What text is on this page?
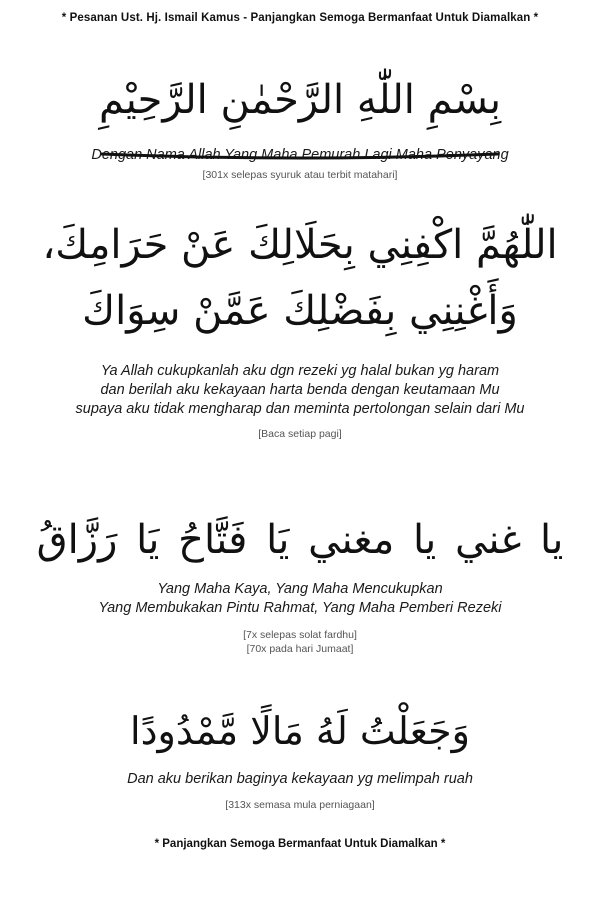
* Pesanan Ust. Hj. Ismail Kamus - Panjangkan Semoga Bermanfaat Untuk Diamalkan *
بِسْمِ اللّٰهِ الرَّحْمٰنِ الرَّحِيْمِ
Dengan Nama Allah Yang Maha Pemurah Lagi Maha Penyayang
[301x selepas syuruk atau terbit matahari]
اللّٰهُمَّ اكْفِنِي بِحَلَالِكَ عَنْ حَرَامِكَ،
وَأَغْنِنِي بِفَضْلِكَ عَمَّنْ سِوَاكَ
Ya Allah cukupkanlah aku dgn rezeki yg halal bukan yg haram
dan berilah aku kekayaan harta benda dengan keutamaan Mu
supaya aku tidak mengharap dan meminta pertolongan selain dari Mu
[Baca setiap pagi]
يا غني يا مغني يَا فَتَّاحُ يَا رَزَّاقُ
Yang Maha Kaya, Yang Maha Mencukupkan
Yang Membukakan Pintu Rahmat, Yang Maha Pemberi Rezeki
[7x selepas solat fardhu]
[70x pada hari Jumaat]
وَجَعَلْتُ لَهُ مَالًا مَّمْدُودًا
Dan aku berikan baginya kekayaan yg melimpah ruah
[313x semasa mula perniagaan]
* Panjangkan Semoga Bermanfaat Untuk Diamalkan *
